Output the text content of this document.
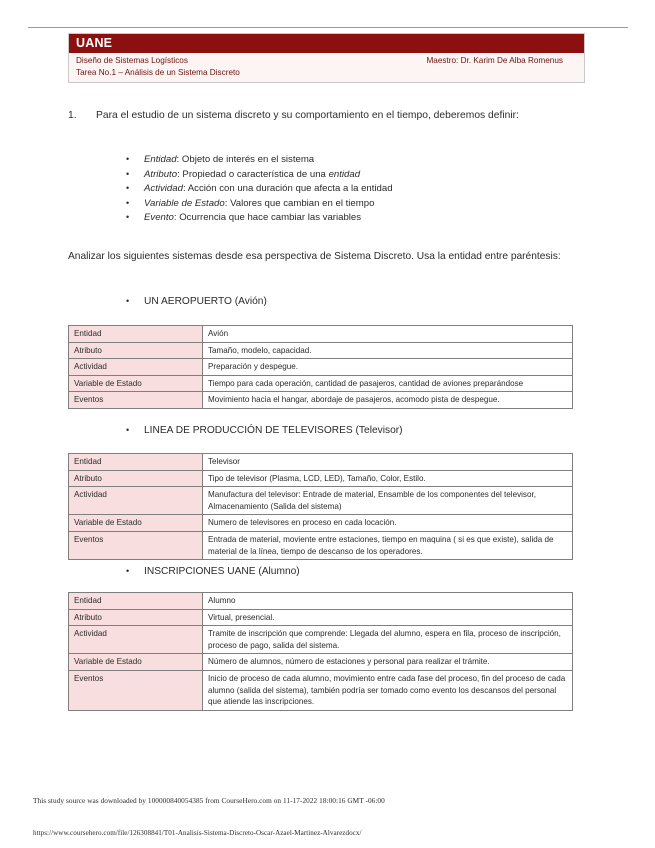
UANE
Diseño de Sistemas Logísticos	Maestro: Dr. Karim De Alba Romenus
Tarea No.1 – Análisis de un Sistema Discreto
1.	Para el estudio de un sistema discreto y su comportamiento en el tiempo, deberemos definir:
• Entidad: Objeto de interés en el sistema
• Atributo: Propiedad o característica de una entidad
• Actividad: Acción con una duración que afecta a la entidad
• Variable de Estado: Valores que cambian en el tiempo
• Evento: Ocurrencia que hace cambiar las variables
Analizar los siguientes sistemas desde esa perspectiva de Sistema Discreto. Usa la entidad entre paréntesis:
• UN AEROPUERTO (Avión)
Entidad	Avión
Atributo	Tamaño, modelo, capacidad.
Actividad	Preparación y despegue.
Variable de Estado	Tiempo para cada operación, cantidad de pasajeros, cantidad de aviones preparándose
Eventos	Movimiento hacia el hangar, abordaje de pasajeros, acomodo pista de despegue.
• LINEA DE PRODUCCIÓN DE TELEVISORES (Televisor)
Entidad	Televisor
Atributo	Tipo de televisor (Plasma, LCD, LED), Tamaño, Color, Estilo.
Actividad	Manufactura del televisor: Entrade de material, Ensamble de los componentes del televisor, Almacenamiento (Salida del sistema)
Variable de Estado	Numero de televisores en proceso en cada locación.
Eventos	Entrada de material, moviente entre estaciones, tiempo en maquina ( si es que existe), salida de material de la línea, tiempo de descanso de los operadores.
• INSCRIPCIONES UANE (Alumno)
Entidad	Alumno
Atributo	Virtual, presencial.
Actividad	Tramite de inscripción que comprende: Llegada del alumno, espera en fila, proceso de inscripción, proceso de pago, salida del sistema.
Variable de Estado	Número de alumnos, número de estaciones y personal para realizar el trámite.
Eventos	Inicio de proceso de cada alumno, movimiento entre cada fase del proceso, fin del proceso de cada alumno (salida del sistema), también podría ser tomado como evento los descansos del personal que atiende las inscripciones.
This study source was downloaded by 100000840054385 from CourseHero.com on 11-17-2022 18:00:16 GMT -06:00
https://www.coursehero.com/file/126308841/T01-Analisis-Sistema-Discreto-Oscar-Azael-Martinez-Alvarezdocx/
